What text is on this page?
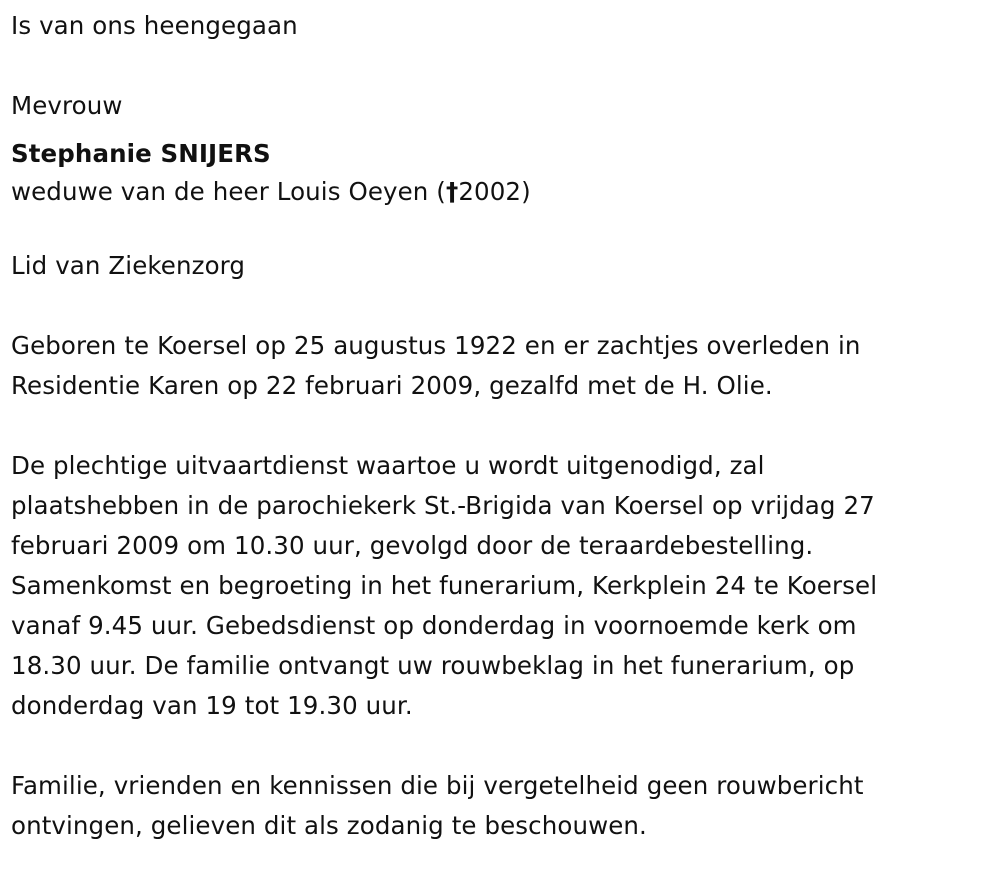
Is van ons heengegaan
Mevrouw
Stephanie SNIJERS
weduwe van de heer Louis Oeyen (†2002)
Lid van Ziekenzorg
Geboren te Koersel op 25 augustus 1922 en er zachtjes overleden in
Residentie Karen op 22 februari 2009, gezalfd met de H. Olie.
De plechtige uitvaartdienst waartoe u wordt uitgenodigd, zal
plaatshebben in de parochiekerk St.-Brigida van Koersel op vrijdag 27
februari 2009 om 10.30 uur, gevolgd door de teraardebestelling.
Samenkomst en begroeting in het funerarium, Kerkplein 24 te Koersel
vanaf 9.45 uur. Gebedsdienst op donderdag in voornoemde kerk om
18.30 uur. De familie ontvangt uw rouwbeklag in het funerarium, op
donderdag van 19 tot 19.30 uur.
Familie, vrienden en kennissen die bij vergetelheid geen rouwbericht
ontvingen, gelieven dit als zodanig te beschouwen.
